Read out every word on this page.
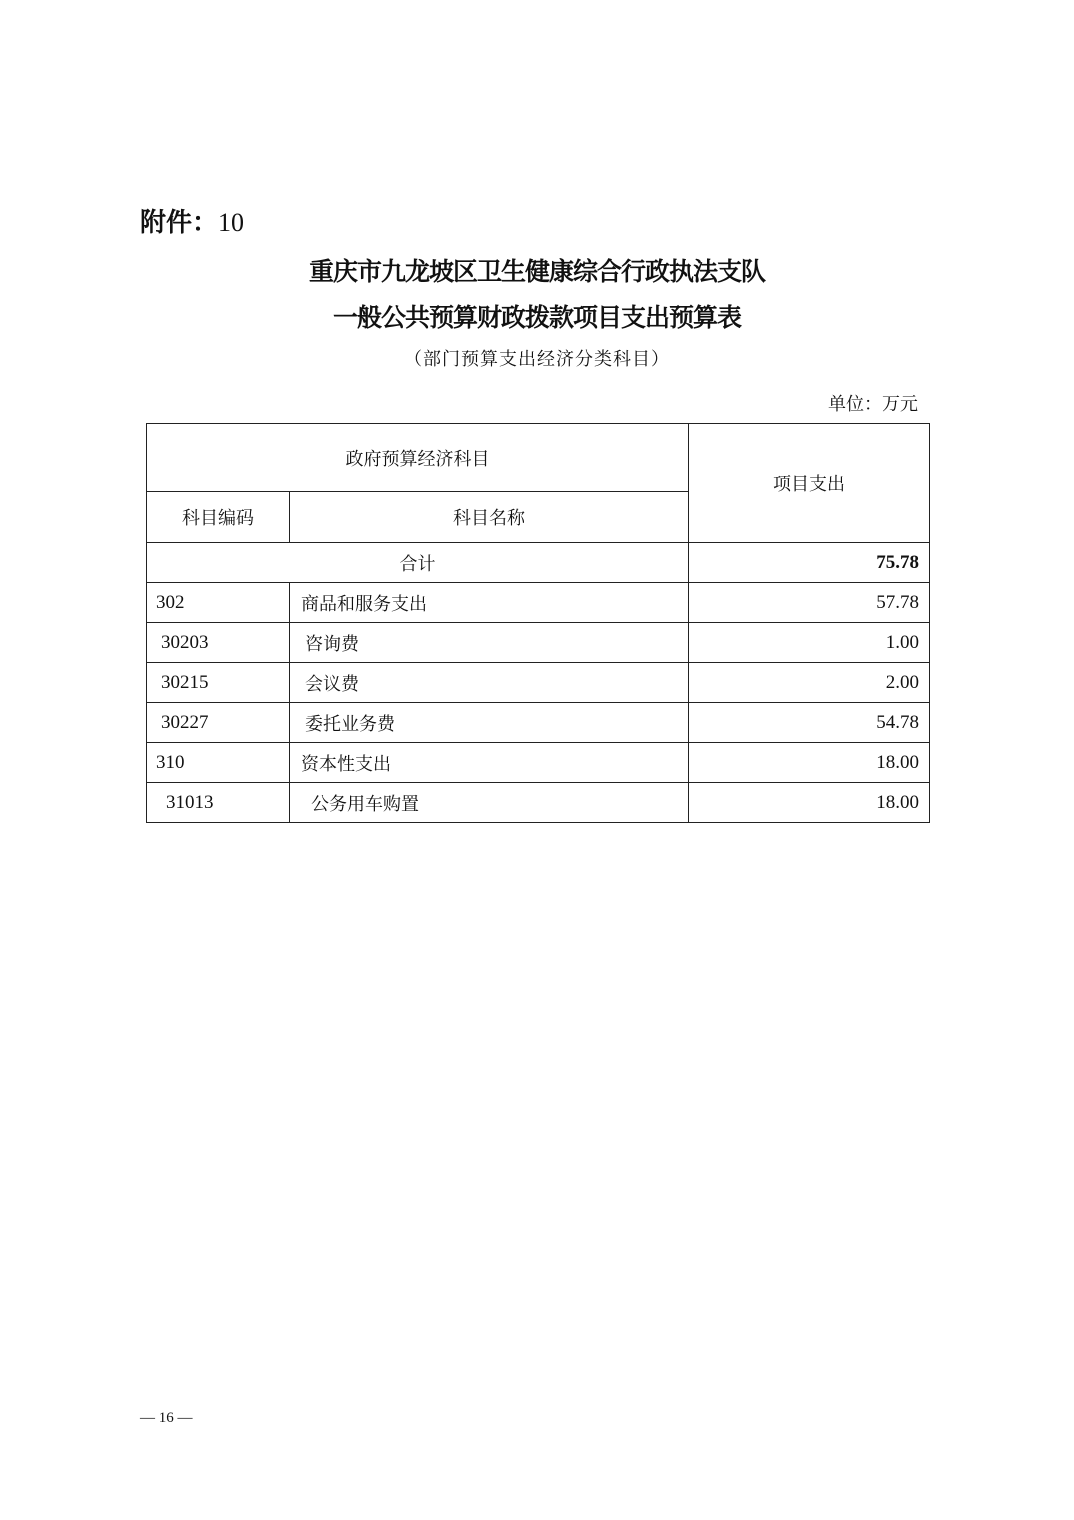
附件：10
重庆市九龙坡区卫生健康综合行政执法支队
一般公共预算财政拨款项目支出预算表
（部门预算支出经济分类科目）
单位：万元
政府预算经济科目		项目支出
科目编码	科目名称	
合计		75.78
302	商品和服务支出	57.78
30203	咨询费	1.00
30215	会议费	2.00
30227	委托业务费	54.78
310	资本性支出	18.00
31013	公务用车购置	18.00
— 16 —
